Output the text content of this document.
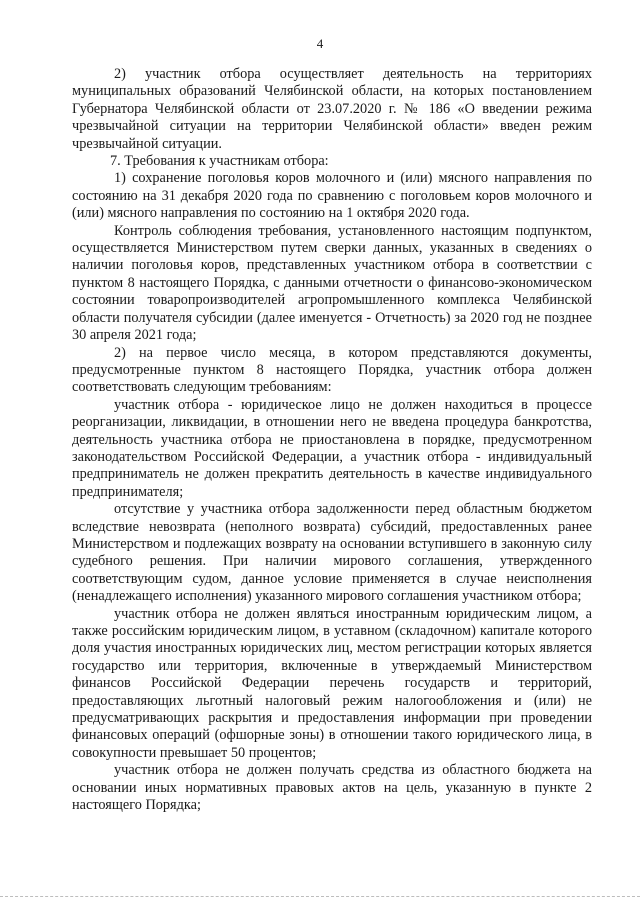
4

2) участник отбора осуществляет деятельность на территориях муниципальных образований Челябинской области, на которых постановлением Губернатора Челябинской области от 23.07.2020 г. № 186 «О введении режима чрезвычайной ситуации на территории Челябинской области» введен режим чрезвычайной ситуации.

7. Требования к участникам отбора:

1) сохранение поголовья коров молочного и (или) мясного направления по состоянию на 31 декабря 2020 года по сравнению с поголовьем коров молочного и (или) мясного направления по состоянию на 1 октября 2020 года.

Контроль соблюдения требования, установленного настоящим подпунктом, осуществляется Министерством путем сверки данных, указанных в сведениях о наличии поголовья коров, представленных участником отбора в соответствии с пунктом 8 настоящего Порядка, с данными отчетности о финансово-экономическом состоянии товаропроизводителей агропромышленного комплекса Челябинской области получателя субсидии (далее именуется - Отчетность) за 2020 год не позднее 30 апреля 2021 года;

2) на первое число месяца, в котором представляются документы, предусмотренные пунктом 8 настоящего Порядка, участник отбора должен соответствовать следующим требованиям:

участник отбора - юридическое лицо не должен находиться в процессе реорганизации, ликвидации, в отношении него не введена процедура банкротства, деятельность участника отбора не приостановлена в порядке, предусмотренном законодательством Российской Федерации, а участник отбора - индивидуальный предприниматель не должен прекратить деятельность в качестве индивидуального предпринимателя;

отсутствие у участника отбора задолженности перед областным бюджетом вследствие невозврата (неполного возврата) субсидий, предоставленных ранее Министерством и подлежащих возврату на основании вступившего в законную силу судебного решения. При наличии мирового соглашения, утвержденного соответствующим судом, данное условие применяется в случае неисполнения (ненадлежащего исполнения) указанного мирового соглашения участником отбора;

участник отбора не должен являться иностранным юридическим лицом, а также российским юридическим лицом, в уставном (складочном) капитале которого доля участия иностранных юридических лиц, местом регистрации которых является государство или территория, включенные в утверждаемый Министерством финансов Российской Федерации перечень государств и территорий, предоставляющих льготный налоговый режим налогообложения и (или) не предусматривающих раскрытия и предоставления информации при проведении финансовых операций (офшорные зоны) в отношении такого юридического лица, в совокупности превышает 50 процентов;

участник отбора не должен получать средства из областного бюджета на основании иных нормативных правовых актов на цель, указанную в пункте 2 настоящего Порядка;
